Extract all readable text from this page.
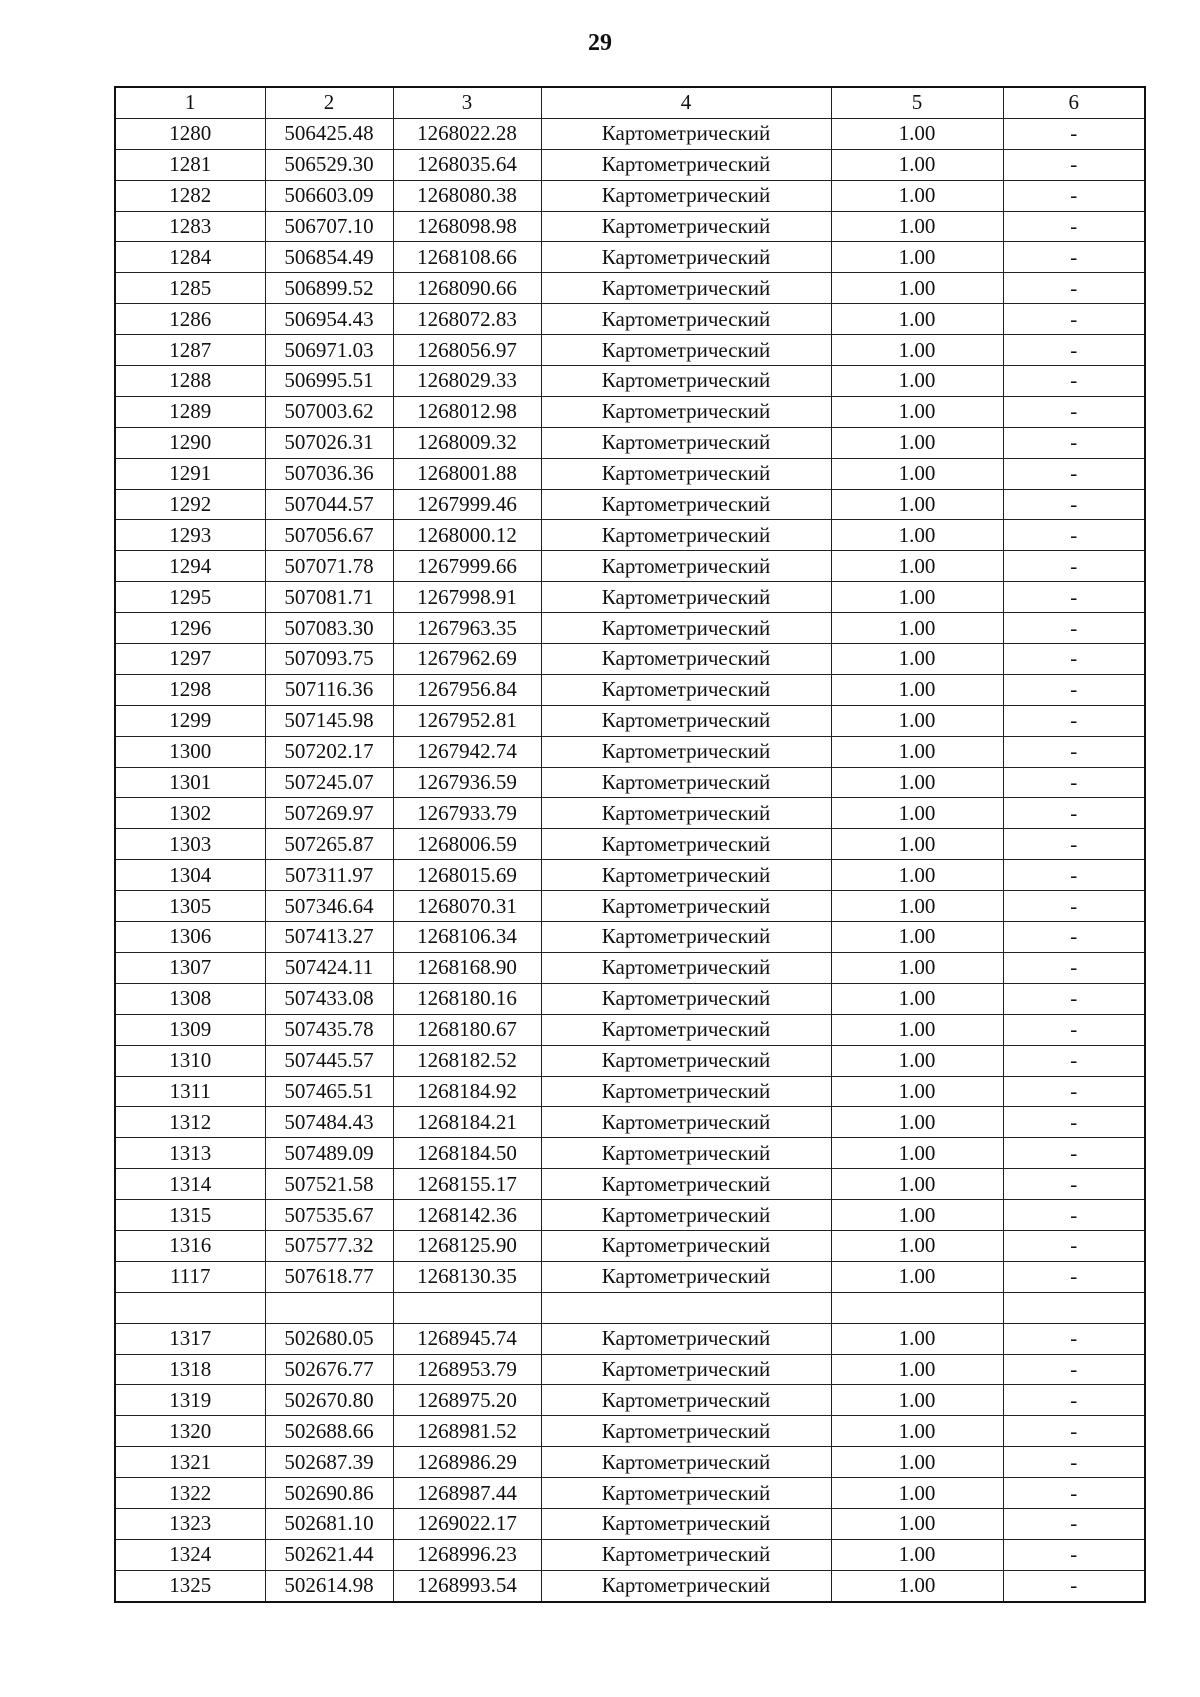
29
1	2	3	4	5	6
1280	506425.48	1268022.28	Картометрический	1.00	-
1281	506529.30	1268035.64	Картометрический	1.00	-
1282	506603.09	1268080.38	Картометрический	1.00	-
1283	506707.10	1268098.98	Картометрический	1.00	-
1284	506854.49	1268108.66	Картометрический	1.00	-
1285	506899.52	1268090.66	Картометрический	1.00	-
1286	506954.43	1268072.83	Картометрический	1.00	-
1287	506971.03	1268056.97	Картометрический	1.00	-
1288	506995.51	1268029.33	Картометрический	1.00	-
1289	507003.62	1268012.98	Картометрический	1.00	-
1290	507026.31	1268009.32	Картометрический	1.00	-
1291	507036.36	1268001.88	Картометрический	1.00	-
1292	507044.57	1267999.46	Картометрический	1.00	-
1293	507056.67	1268000.12	Картометрический	1.00	-
1294	507071.78	1267999.66	Картометрический	1.00	-
1295	507081.71	1267998.91	Картометрический	1.00	-
1296	507083.30	1267963.35	Картометрический	1.00	-
1297	507093.75	1267962.69	Картометрический	1.00	-
1298	507116.36	1267956.84	Картометрический	1.00	-
1299	507145.98	1267952.81	Картометрический	1.00	-
1300	507202.17	1267942.74	Картометрический	1.00	-
1301	507245.07	1267936.59	Картометрический	1.00	-
1302	507269.97	1267933.79	Картометрический	1.00	-
1303	507265.87	1268006.59	Картометрический	1.00	-
1304	507311.97	1268015.69	Картометрический	1.00	-
1305	507346.64	1268070.31	Картометрический	1.00	-
1306	507413.27	1268106.34	Картометрический	1.00	-
1307	507424.11	1268168.90	Картометрический	1.00	-
1308	507433.08	1268180.16	Картометрический	1.00	-
1309	507435.78	1268180.67	Картометрический	1.00	-
1310	507445.57	1268182.52	Картометрический	1.00	-
1311	507465.51	1268184.92	Картометрический	1.00	-
1312	507484.43	1268184.21	Картометрический	1.00	-
1313	507489.09	1268184.50	Картометрический	1.00	-
1314	507521.58	1268155.17	Картометрический	1.00	-
1315	507535.67	1268142.36	Картометрический	1.00	-
1316	507577.32	1268125.90	Картометрический	1.00	-
1117	507618.77	1268130.35	Картометрический	1.00	-

1317	502680.05	1268945.74	Картометрический	1.00	-
1318	502676.77	1268953.79	Картометрический	1.00	-
1319	502670.80	1268975.20	Картометрический	1.00	-
1320	502688.66	1268981.52	Картометрический	1.00	-
1321	502687.39	1268986.29	Картометрический	1.00	-
1322	502690.86	1268987.44	Картометрический	1.00	-
1323	502681.10	1269022.17	Картометрический	1.00	-
1324	502621.44	1268996.23	Картометрический	1.00	-
1325	502614.98	1268993.54	Картометрический	1.00	-
